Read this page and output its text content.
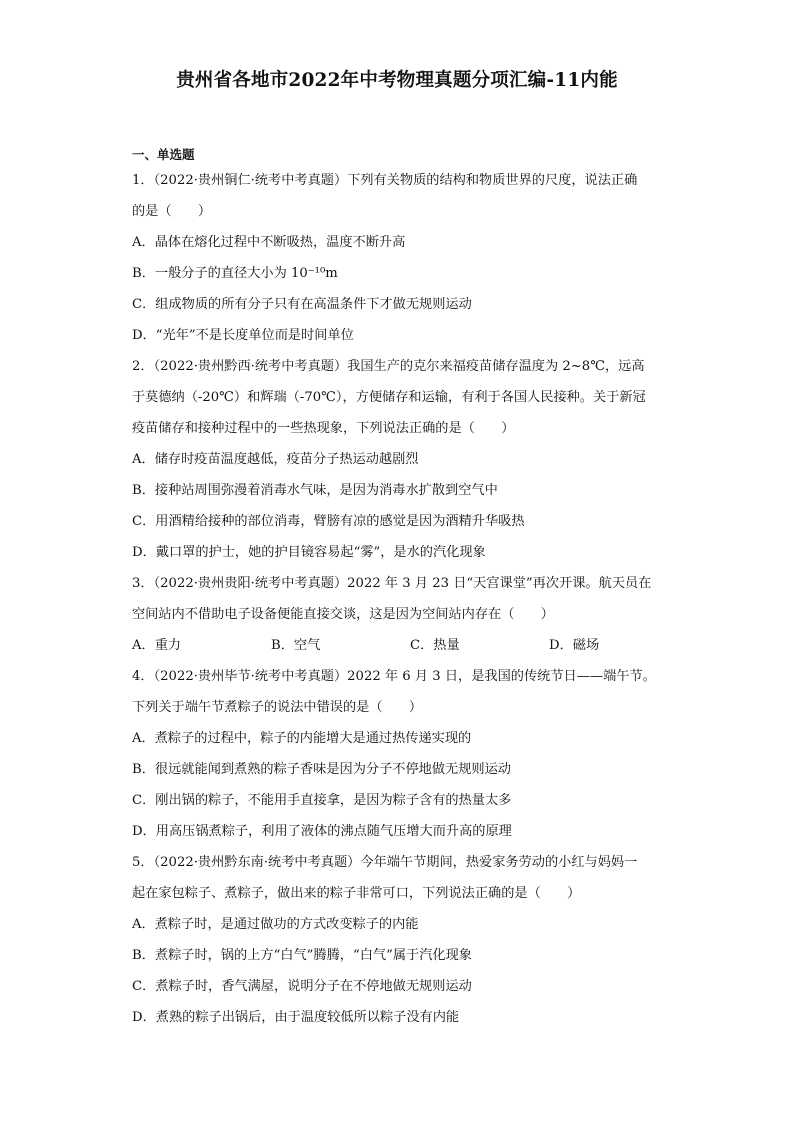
贵州省各地市2022年中考物理真题分项汇编-11内能
一、单选题
1．（2022·贵州铜仁·统考中考真题）下列有关物质的结构和物质世界的尺度，说法正确
的是（　　）
A．晶体在熔化过程中不断吸热，温度不断升高
B．一般分子的直径大小为 10⁻¹⁰m
C．组成物质的所有分子只有在高温条件下才做无规则运动
D．“光年”不是长度单位而是时间单位
2．（2022·贵州黔西·统考中考真题）我国生产的克尔来福疫苗储存温度为 2~8℃，远高
于莫德纳（-20℃）和辉瑞（-70℃），方便储存和运输，有利于各国人民接种。关于新冠
疫苗储存和接种过程中的一些热现象，下列说法正确的是（　　）
A．储存时疫苗温度越低，疫苗分子热运动越剧烈
B．接种站周围弥漫着消毒水气味，是因为消毒水扩散到空气中
C．用酒精给接种的部位消毒，臂膀有凉的感觉是因为酒精升华吸热
D．戴口罩的护士，她的护目镜容易起“雾”，是水的汽化现象
3．（2022·贵州贵阳·统考中考真题）2022 年 3 月 23 日“天宫课堂”再次开课。航天员在
空间站内不借助电子设备便能直接交谈，这是因为空间站内存在（　　）
A．重力	B．空气	C．热量	D．磁场
4．（2022·贵州毕节·统考中考真题）2022 年 6 月 3 日，是我国的传统节日——端午节。
下列关于端午节煮粽子的说法中错误的是（　　）
A．煮粽子的过程中，粽子的内能增大是通过热传递实现的
B．很远就能闻到煮熟的粽子香味是因为分子不停地做无规则运动
C．刚出锅的粽子，不能用手直接拿，是因为粽子含有的热量太多
D．用高压锅煮粽子，利用了液体的沸点随气压增大而升高的原理
5．（2022·贵州黔东南·统考中考真题）今年端午节期间，热爱家务劳动的小红与妈妈一
起在家包粽子、煮粽子，做出来的粽子非常可口，下列说法正确的是（　　）
A．煮粽子时，是通过做功的方式改变粽子的内能
B．煮粽子时，锅的上方“白气”腾腾，“白气”属于汽化现象
C．煮粽子时，香气满屋，说明分子在不停地做无规则运动
D．煮熟的粽子出锅后，由于温度较低所以粽子没有内能
